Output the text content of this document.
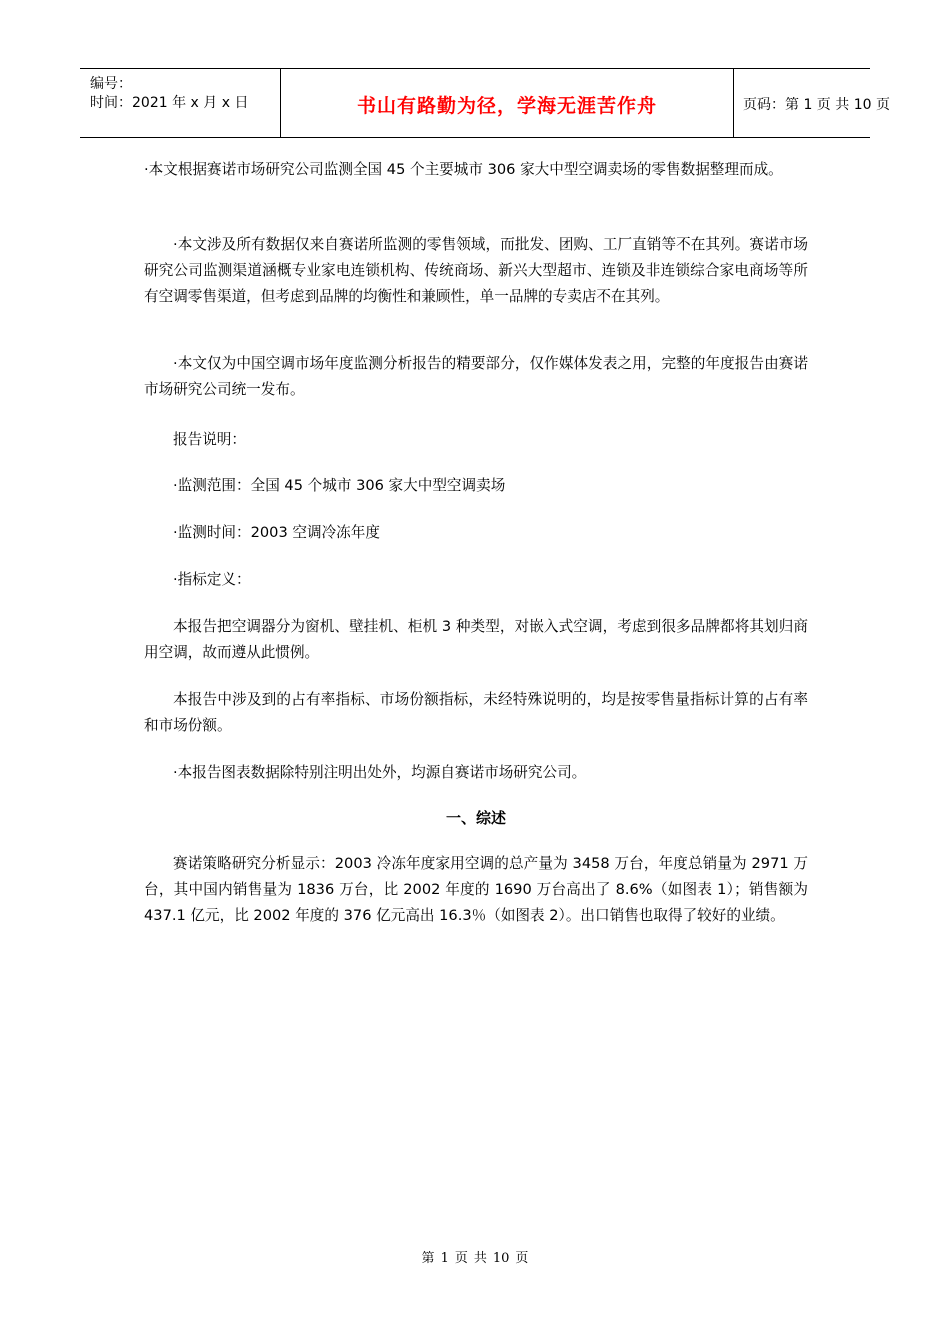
编号：
时间：2021 年 x 月 x 日	书山有路勤为径，学海无涯苦作舟	页码：第 1 页 共 10 页

·本文根据赛诺市场研究公司监测全国 45 个主要城市 306 家大中型空调卖场的零售数据整理而成。

·本文涉及所有数据仅来自赛诺所监测的零售领域，而批发、团购、工厂直销等不在其列。赛诺市场研究公司监测渠道涵概专业家电连锁机构、传统商场、新兴大型超市、连锁及非连锁综合家电商场等所有空调零售渠道，但考虑到品牌的均衡性和兼顾性，单一品牌的专卖店不在其列。

·本文仅为中国空调市场年度监测分析报告的精要部分，仅作媒体发表之用，完整的年度报告由赛诺市场研究公司统一发布。

报告说明：

·监测范围：全国 45 个城市 306 家大中型空调卖场

·监测时间：2003 空调冷冻年度

·指标定义：

本报告把空调器分为窗机、壁挂机、柜机 3 种类型，对嵌入式空调，考虑到很多品牌都将其划归商用空调，故而遵从此惯例。

本报告中涉及到的占有率指标、市场份额指标，未经特殊说明的，均是按零售量指标计算的占有率和市场份额。

·本报告图表数据除特别注明出处外，均源自赛诺市场研究公司。

一、综述

赛诺策略研究分析显示：2003 冷冻年度家用空调的总产量为 3458 万台，年度总销量为 2971 万台，其中国内销售量为 1836 万台，比 2002 年度的 1690 万台高出了 8.6%（如图表 1）；销售额为 437.1 亿元，比 2002 年度的 376 亿元高出 16.3％（如图表 2）。出口销售也取得了较好的业绩。

第 1 页 共 10 页
